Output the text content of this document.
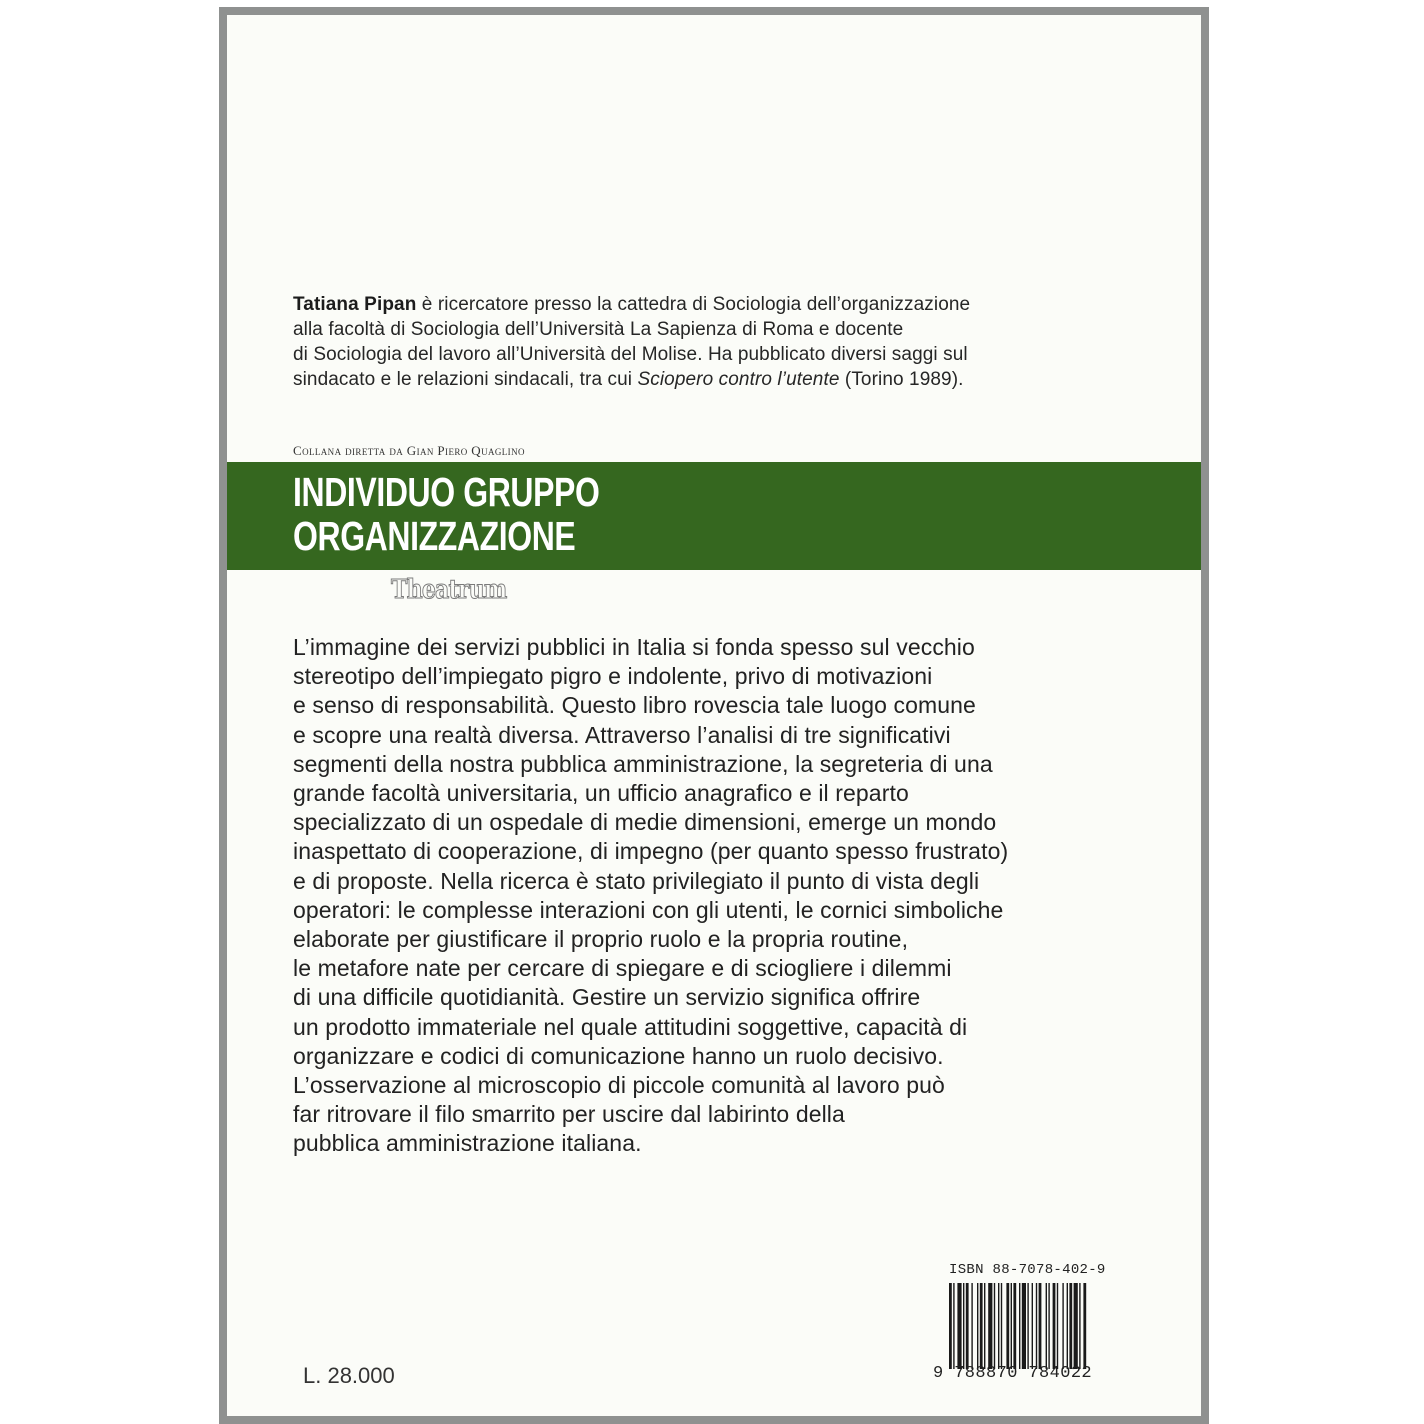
Tatiana Pipan è ricercatore presso la cattedra di Sociologia dell’organizzazione
alla facoltà di Sociologia dell’Università La Sapienza di Roma e docente
di Sociologia del lavoro all’Università del Molise. Ha pubblicato diversi saggi sul
sindacato e le relazioni sindacali, tra cui Sciopero contro l’utente (Torino 1989).
Collana diretta da Gian Piero Quaglino
INDIVIDUO GRUPPO
ORGANIZZAZIONE
Theatrum
L’immagine dei servizi pubblici in Italia si fonda spesso sul vecchio
stereotipo dell’impiegato pigro e indolente, privo di motivazioni
e senso di responsabilità. Questo libro rovescia tale luogo comune
e scopre una realtà diversa. Attraverso l’analisi di tre significativi
segmenti della nostra pubblica amministrazione, la segreteria di una
grande facoltà universitaria, un ufficio anagrafico e il reparto
specializzato di un ospedale di medie dimensioni, emerge un mondo
inaspettato di cooperazione, di impegno (per quanto spesso frustrato)
e di proposte. Nella ricerca è stato privilegiato il punto di vista degli
operatori: le complesse interazioni con gli utenti, le cornici simboliche
elaborate per giustificare il proprio ruolo e la propria routine,
le metafore nate per cercare di spiegare e di sciogliere i dilemmi
di una difficile quotidianità. Gestire un servizio significa offrire
un prodotto immateriale nel quale attitudini soggettive, capacità di
organizzare e codici di comunicazione hanno un ruolo decisivo.
L’osservazione al microscopio di piccole comunità al lavoro può
far ritrovare il filo smarrito per uscire dal labirinto della
pubblica amministrazione italiana.
ISBN 88-7078-402-9
9 788870 784022
L. 28.000
